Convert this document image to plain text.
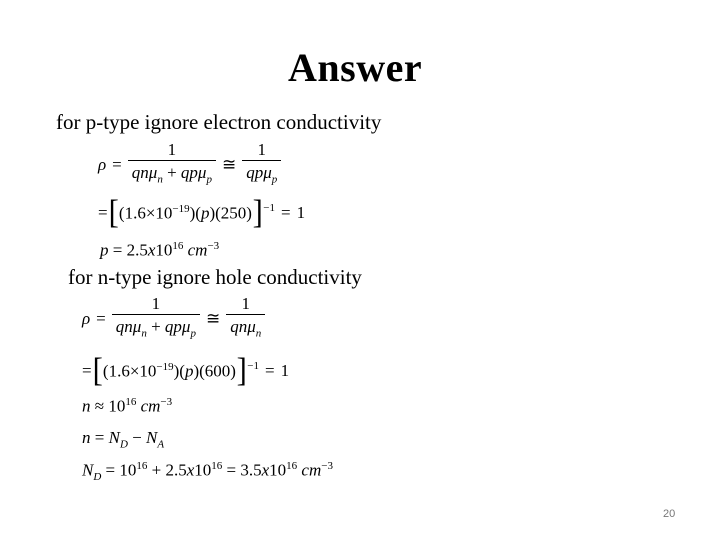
Answer
for p-type ignore electron conductivity
$\rho = \frac{1}{qn\mu_n + qp\mu_p}$ ≅ $\frac{1}{qp\mu_p}$
= [ $(1.6\times 10^{-19})(p)(250) ]^{-1} = 1$
$p = 2.5x10^{16}$ $cm^{-3}$
for n-type ignore hole conductivity
$\rho = \frac{1}{qn\mu_n + qp\mu_p}$ ≅ $\frac{1}{qn\mu_n}$
= [ $(1.6\times 10^{-19})(p)(600) ]^{-1} = 1$
$n \approx 10^{16}$ $cm^{-3}$
$n = N_D - N_A$
$N_D = 10^{16} + 2.5x10^{16} = 3.5x10^{16}$ $cm^{-3}$
20
